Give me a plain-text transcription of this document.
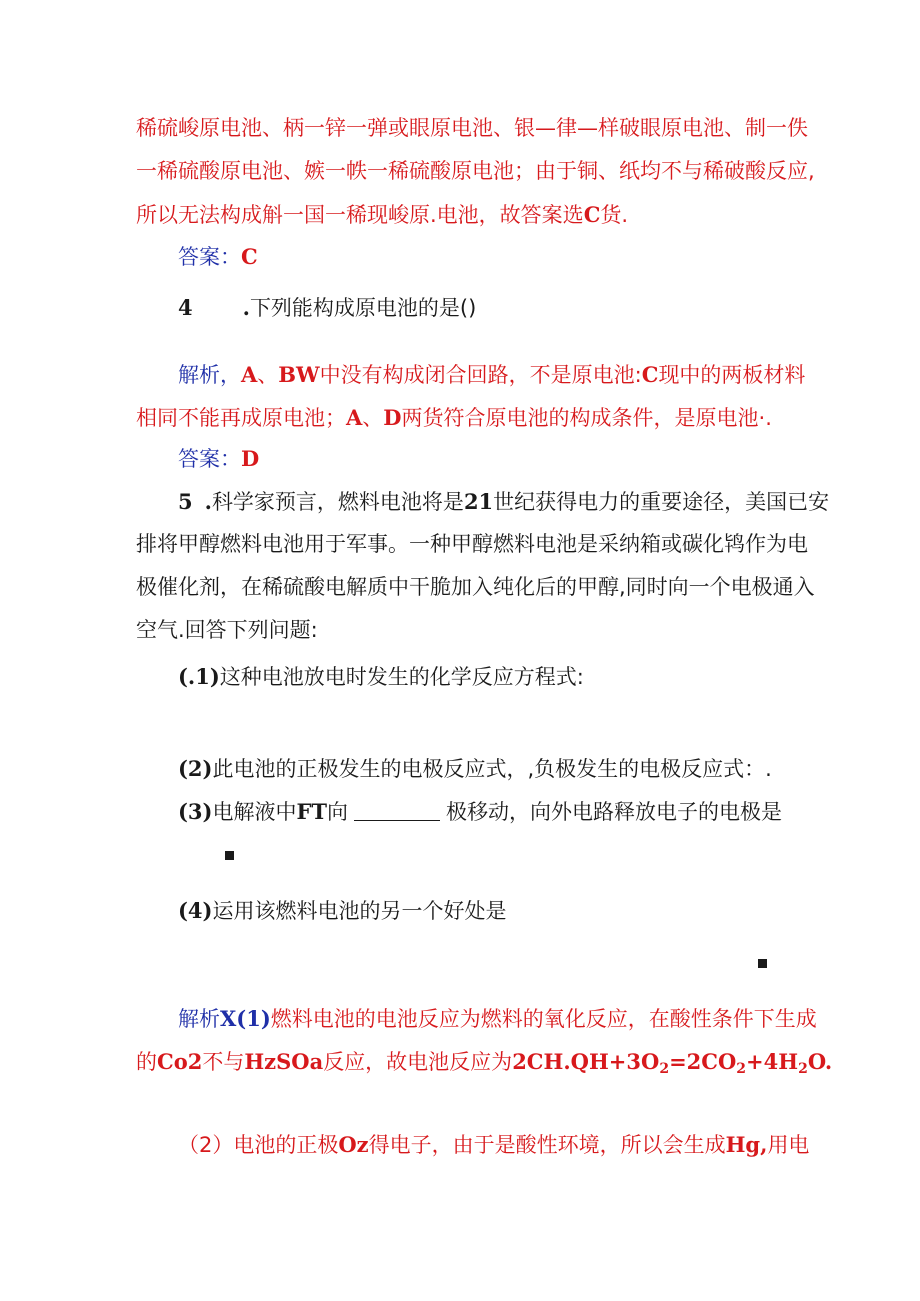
稀硫峻原电池、柄一锌一弹或眼原电池、银—律—样破眼原电池、制一佚
一稀硫酸原电池、嫉一帙一稀硫酸原电池；由于铜、纸均不与稀破酸反应,
所以无法构成斛一国一稀现峻原.电池，故答案选C货.
答案：C
4 .下列能构成原电池的是()
解析，A、BW中没有构成闭合回路，不是原电池:C现中的两板材料
相同不能再成原电池；A、D两货符合原电池的构成条件，是原电池·.
答案：D
5 .科学家预言，燃料电池将是21世纪获得电力的重要途径，美国已安
排将甲醇燃料电池用于军事。一种甲醇燃料电池是采纳箱或碳化鸨作为电
极催化剂，在稀硫酸电解质中干脆加入纯化后的甲醇,同时向一个电极通入
空气.回答下列问题:
(.1)这种电池放电时发生的化学反应方程式:
(2)此电池的正极发生的电极反应式，,负极发生的电极反应式：.
(3)电解液中FT向	极移动，向外电路释放电子的电极是
(4)运用该燃料电池的另一个好处是
解析X(1)燃料电池的电池反应为燃料的氧化反应，在酸性条件下生成
的Co2不与HzSOa反应，故电池反应为$2CH.QH+3O_2=2CO_2+4H_2O$.
（2）电池的正极Oz得电子，由于是酸性环境，所以会生成Hg,用电
